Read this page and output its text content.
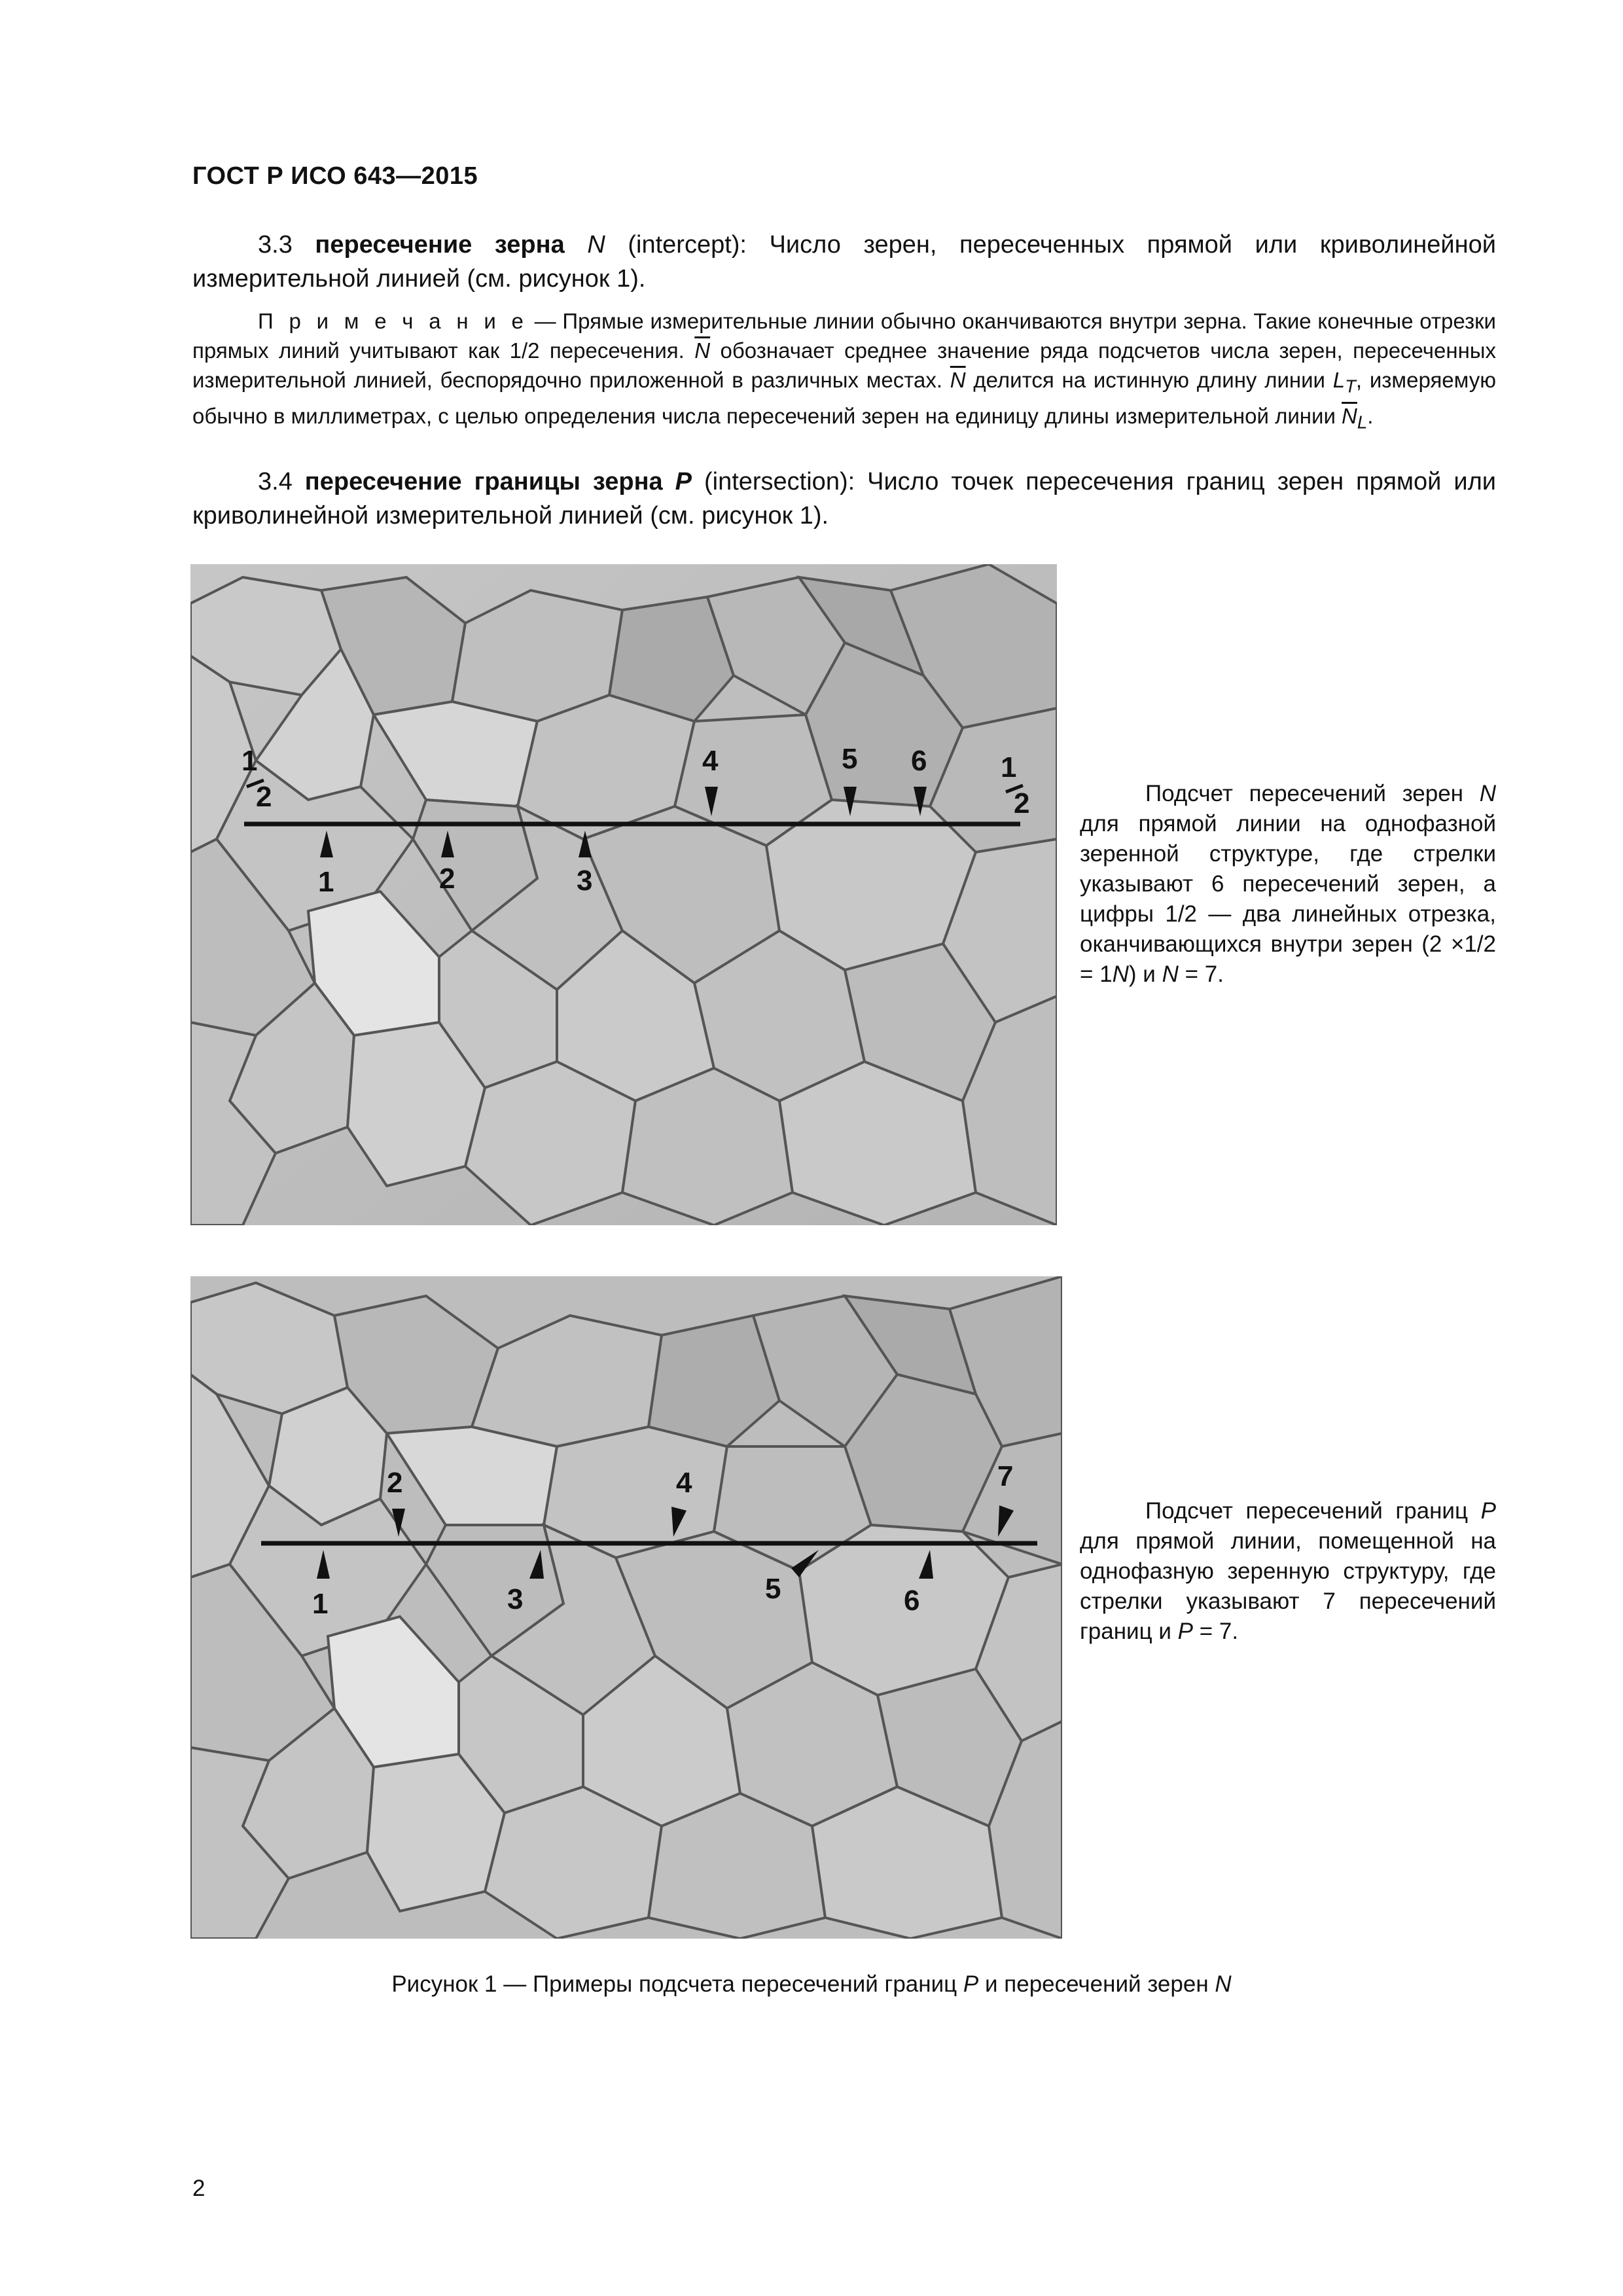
ГОСТ Р ИСО 643—2015
3.3 пересечение зерна N (intercept): Число зерен, пересеченных прямой или криволинейной измерительной линией (см. рисунок 1).
П р и м е ч а н и е — Прямые измерительные линии обычно оканчиваются внутри зерна. Такие конечные отрезки прямых линий учитывают как 1/2 пересечения. $\overline{N}$ обозначает среднее значение ряда подсчетов числа зерен, пересеченных измерительной линией, беспорядочно приложенной в различных местах. $\overline{N}$ делится на истинную длину линии $L_T$, измеряемую обычно в миллиметрах, с целью определения числа пересечений зерен на единицу длины измерительной линии $\overline{N}_L$.
3.4 пересечение границы зерна P (intersection): Число точек пересечения границ зерен прямой или криволинейной измерительной линией (см. рисунок 1).
1
2
1
2
1	2	3
4	5 6
Подсчет пересечений зерен N для прямой линии на однофазной зеренной структуре, где стрелки указывают 6 пересечений зерен, а цифры 1/2 — два линейных отрезка, оканчивающихся внутри зерен (2 ×1/2 = 1N) и N = 7.
1	3	5	6
2	4	7
Подсчет пересечений границ P для прямой линии, помещенной на однофазную зеренную структуру, где стрелки указывают 7 пересечений границ и P = 7.
Рисунок 1 — Примеры подсчета пересечений границ P и пересечений зерен N
2
